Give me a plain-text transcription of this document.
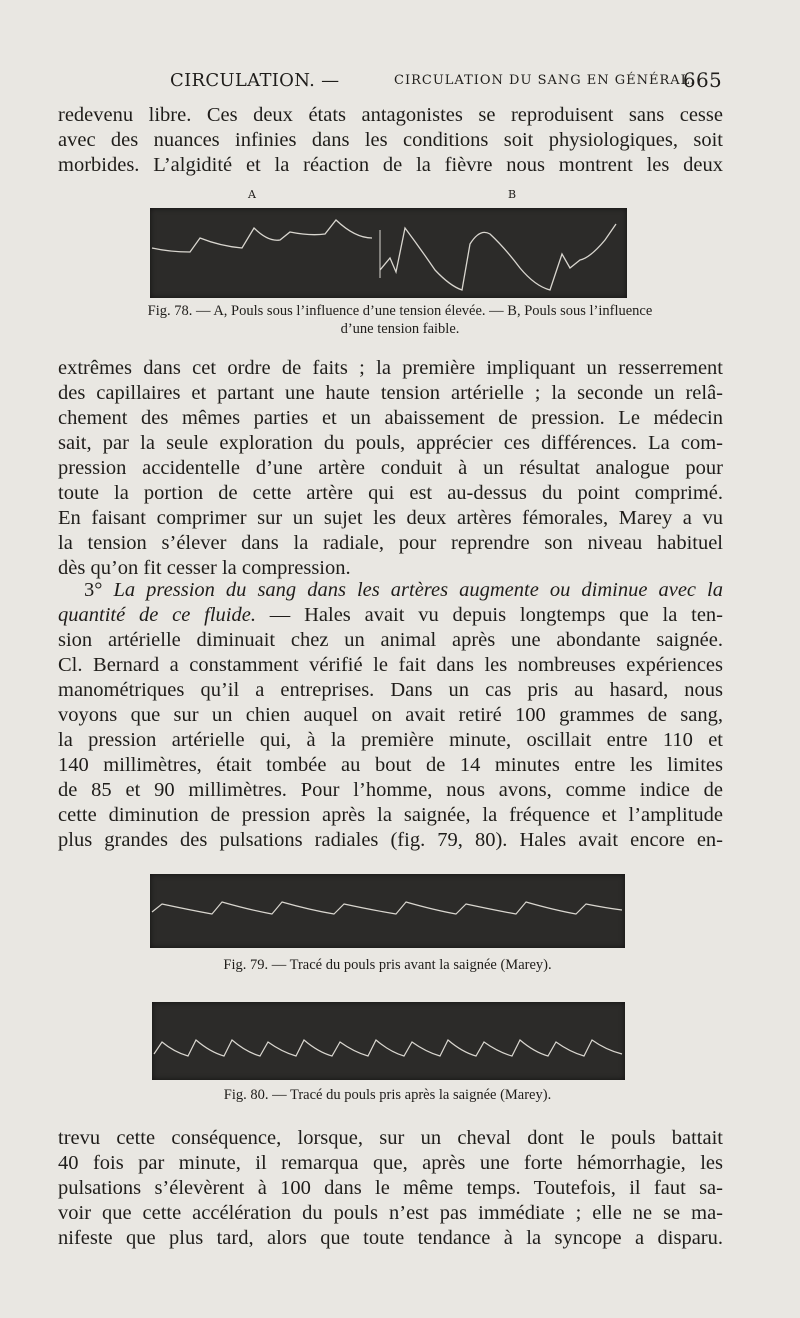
CIRCULATION. —	CIRCULATION DU SANG EN GÉNÉRAL.
665
redevenu libre. Ces deux états antagonistes se reproduisent sans cesse
avec des nuances infinies dans les conditions soit physiologiques, soit
morbides. L’algidité et la réaction de la fièvre nous montrent les deux
A	B
Fig. 78. — A, Pouls sous l’influence d’une tension élevée. — B, Pouls sous l’influence
d’une tension faible.
extrêmes dans cet ordre de faits ; la première impliquant un resserrement
des capillaires et partant une haute tension artérielle ; la seconde un relâ-
chement des mêmes parties et un abaissement de pression. Le médecin
sait, par la seule exploration du pouls, apprécier ces différences. La com-
pression accidentelle d’une artère conduit à un résultat analogue pour
toute la portion de cette artère qui est au-dessus du point comprimé.
En faisant comprimer sur un sujet les deux artères fémorales, Marey a vu
la tension s’élever dans la radiale, pour reprendre son niveau habituel
dès qu’on fit cesser la compression.
3° La pression du sang dans les artères augmente ou diminue avec la
quantité de ce fluide. — Hales avait vu depuis longtemps que la ten-
sion artérielle diminuait chez un animal après une abondante saignée.
Cl. Bernard a constamment vérifié le fait dans les nombreuses expériences
manométriques qu’il a entreprises. Dans un cas pris au hasard, nous
voyons que sur un chien auquel on avait retiré 100 grammes de sang,
la pression artérielle qui, à la première minute, oscillait entre 110 et
140 millimètres, était tombée au bout de 14 minutes entre les limites
de 85 et 90 millimètres. Pour l’homme, nous avons, comme indice de
cette diminution de pression après la saignée, la fréquence et l’amplitude
plus grandes des pulsations radiales (fig. 79, 80). Hales avait encore en-
Fig. 79. — Tracé du pouls pris avant la saignée (Marey).
Fig. 80. — Tracé du pouls pris après la saignée (Marey).
trevu cette conséquence, lorsque, sur un cheval dont le pouls battait
40 fois par minute, il remarqua que, après une forte hémorrhagie, les
pulsations s’élevèrent à 100 dans le même temps. Toutefois, il faut sa-
voir que cette accélération du pouls n’est pas immédiate ; elle ne se ma-
nifeste que plus tard, alors que toute tendance à la syncope a disparu.
